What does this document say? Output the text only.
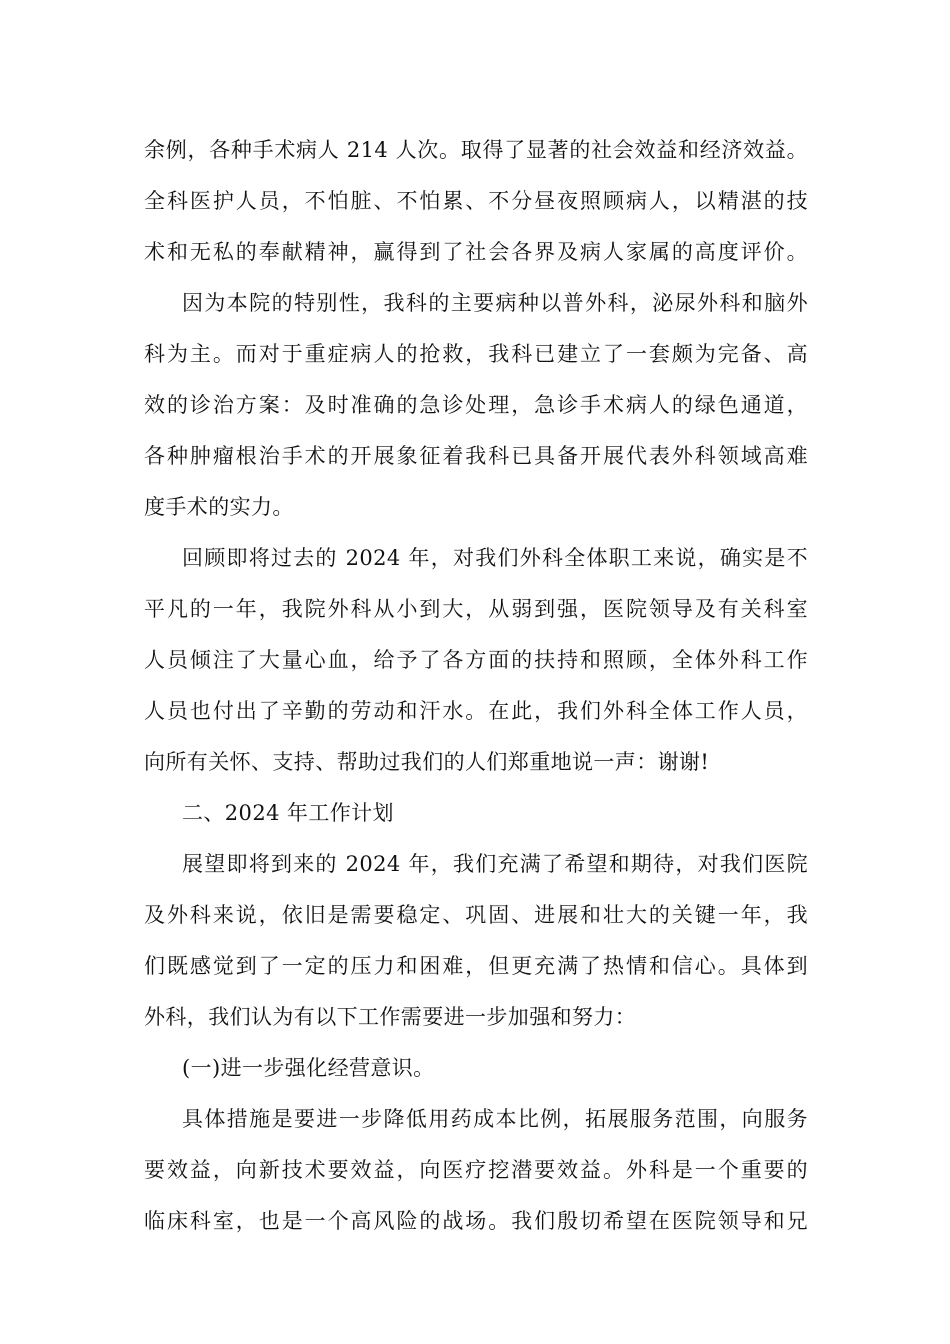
余例，各种手术病人 214 人次。取得了显著的社会效益和经济效益。
全科医护人员，不怕脏、不怕累、不分昼夜照顾病人，以精湛的技
术和无私的奉献精神，赢得到了社会各界及病人家属的高度评价。
因为本院的特别性，我科的主要病种以普外科，泌尿外科和脑外
科为主。而对于重症病人的抢救，我科已建立了一套颇为完备、高
效的诊治方案：及时准确的急诊处理，急诊手术病人的绿色通道，
各种肿瘤根治手术的开展象征着我科已具备开展代表外科领域高难
度手术的实力。
回顾即将过去的 2024 年，对我们外科全体职工来说，确实是不
平凡的一年，我院外科从小到大，从弱到强，医院领导及有关科室
人员倾注了大量心血，给予了各方面的扶持和照顾，全体外科工作
人员也付出了辛勤的劳动和汗水。在此，我们外科全体工作人员，
向所有关怀、支持、帮助过我们的人们郑重地说一声：谢谢!
二、2024 年工作计划
展望即将到来的 2024 年，我们充满了希望和期待，对我们医院
及外科来说，依旧是需要稳定、巩固、进展和壮大的关键一年，我
们既感觉到了一定的压力和困难，但更充满了热情和信心。具体到
外科，我们认为有以下工作需要进一步加强和努力：
(一)进一步强化经营意识。
具体措施是要进一步降低用药成本比例，拓展服务范围，向服务
要效益，向新技术要效益，向医疗挖潜要效益。外科是一个重要的
临床科室，也是一个高风险的战场。我们殷切希望在医院领导和兄
